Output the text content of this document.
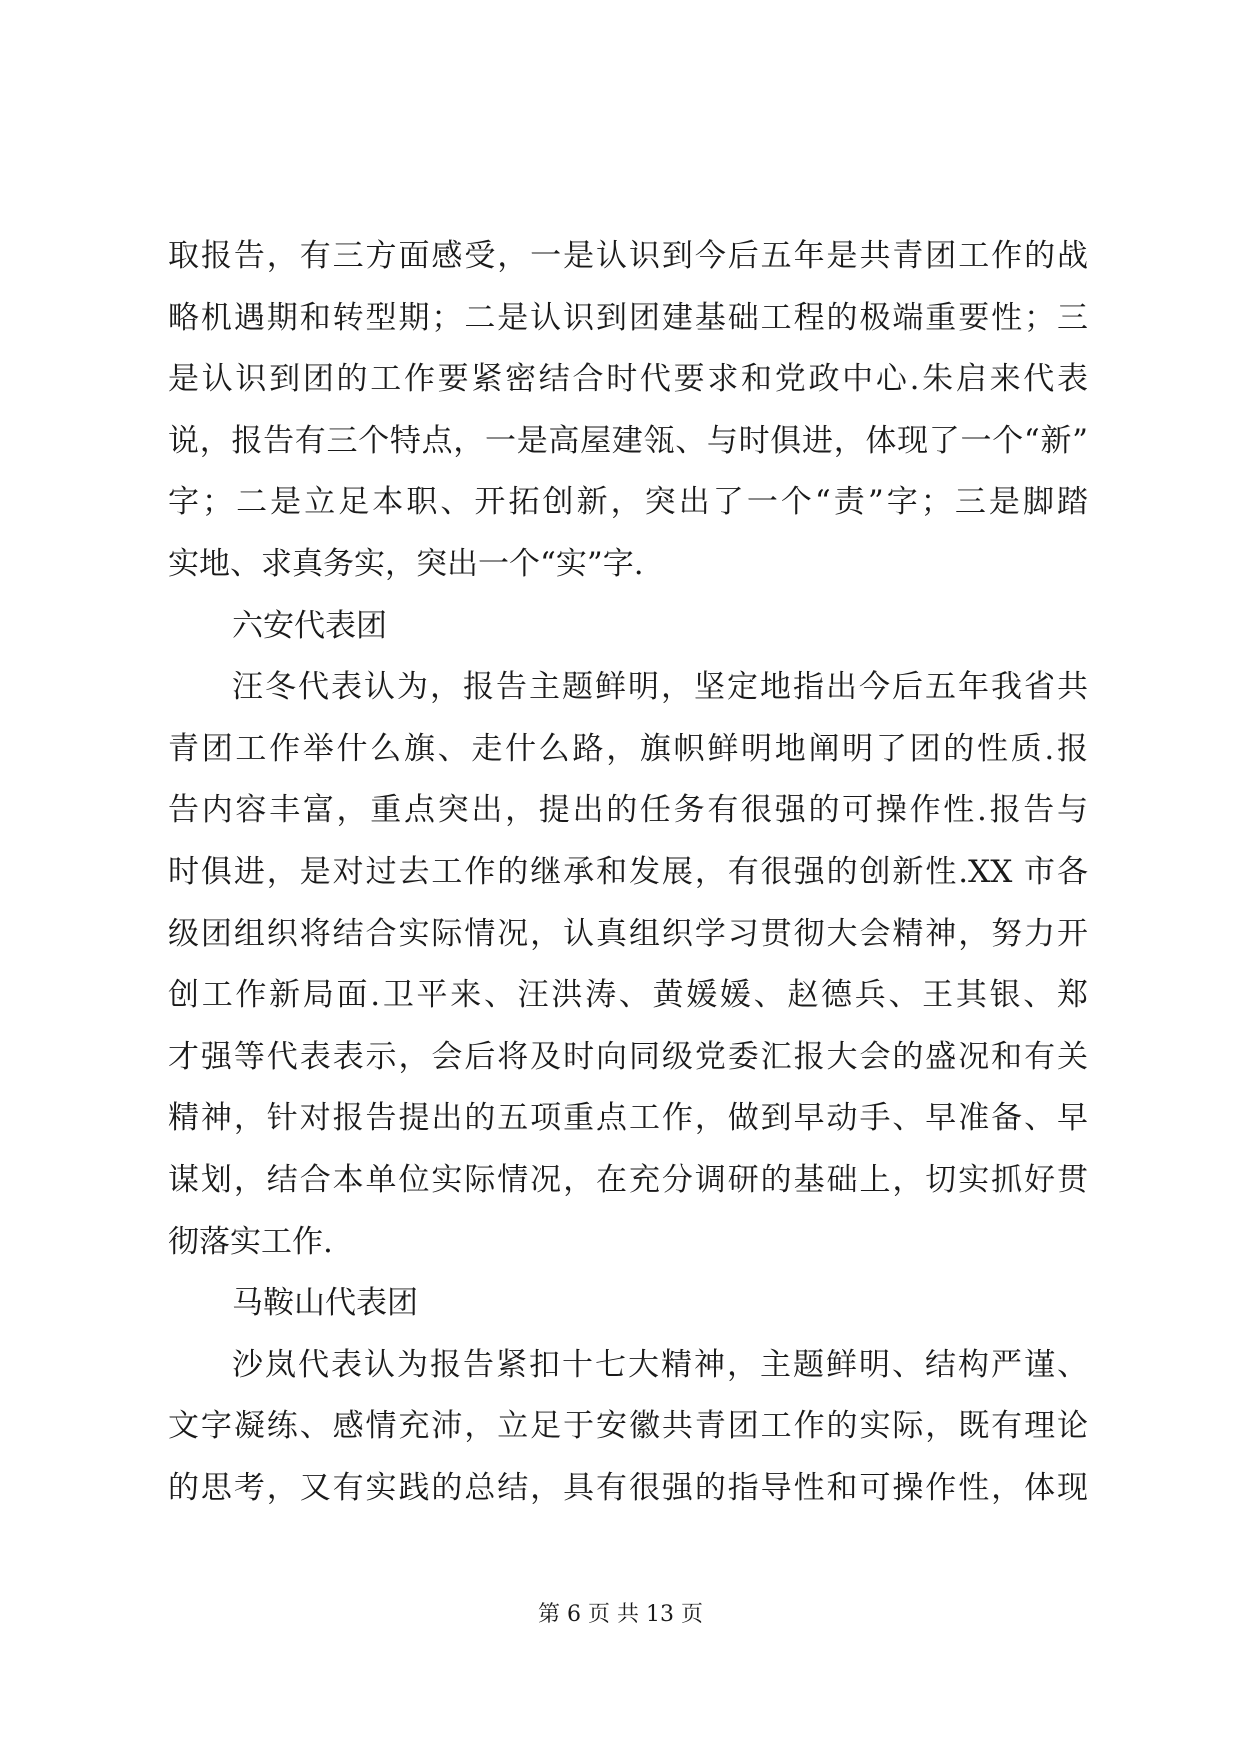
取报告，有三方面感受，一是认识到今后五年是共青团工作的战
略机遇期和转型期；二是认识到团建基础工程的极端重要性；三
是认识到团的工作要紧密结合时代要求和党政中心.朱启来代表
说，报告有三个特点，一是高屋建瓴、与时俱进，体现了一个“新”
字；二是立足本职、开拓创新，突出了一个“责”字；三是脚踏
实地、求真务实，突出一个“实”字.
六安代表团
汪冬代表认为，报告主题鲜明，坚定地指出今后五年我省共
青团工作举什么旗、走什么路，旗帜鲜明地阐明了团的性质.报
告内容丰富，重点突出，提出的任务有很强的可操作性.报告与
时俱进，是对过去工作的继承和发展，有很强的创新性.XX 市各
级团组织将结合实际情况，认真组织学习贯彻大会精神，努力开
创工作新局面.卫平来、汪洪涛、黄媛媛、赵德兵、王其银、郑
才强等代表表示，会后将及时向同级党委汇报大会的盛况和有关
精神，针对报告提出的五项重点工作，做到早动手、早准备、早
谋划，结合本单位实际情况，在充分调研的基础上，切实抓好贯
彻落实工作.
马鞍山代表团
沙岚代表认为报告紧扣十七大精神，主题鲜明、结构严谨、
文字凝练、感情充沛，立足于安徽共青团工作的实际，既有理论
的思考，又有实践的总结，具有很强的指导性和可操作性，体现
第 6 页 共 13 页
